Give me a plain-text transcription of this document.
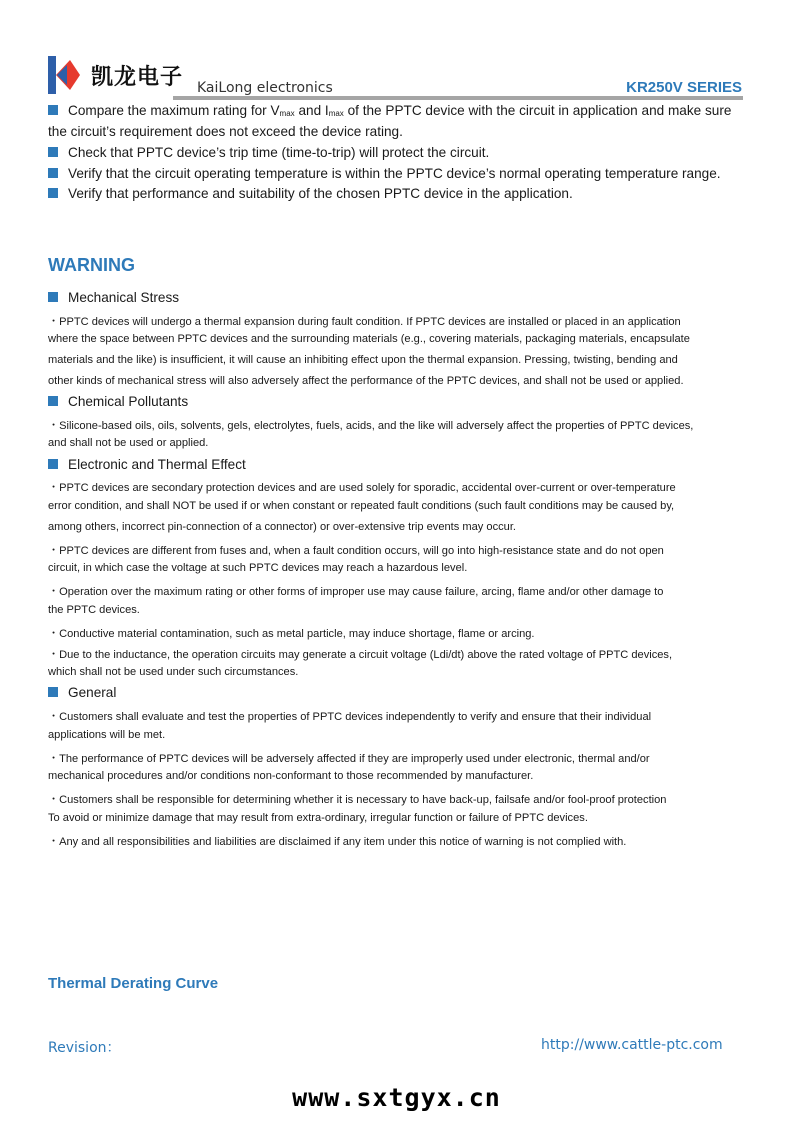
凯龙电子 KaiLong electronics	KR250V SERIES
Compare the maximum rating for $V_{max}$ and $I_{max}$ of the PPTC device with the circuit in application and make sure
the circuit’s requirement does not exceed the device rating.
Check that PPTC device’s trip time (time-to-trip) will protect the circuit.
Verify that the circuit operating temperature is within the PPTC device’s normal operating temperature range.
Verify that performance and suitability of the chosen PPTC device in the application.
WARNING
Mechanical Stress
・PPTC devices will undergo a thermal expansion during fault condition. If PPTC devices are installed or placed in an application
where the space between PPTC devices and the surrounding materials (e.g., covering materials, packaging materials, encapsulate
materials and the like) is insufficient, it will cause an inhibiting effect upon the thermal expansion. Pressing, twisting, bending and
other kinds of mechanical stress will also adversely affect the performance of the PPTC devices, and shall not be used or applied.
Chemical Pollutants
・Silicone-based oils, oils, solvents, gels, electrolytes, fuels, acids, and the like will adversely affect the properties of PPTC devices,
and shall not be used or applied.
Electronic and Thermal Effect
・PPTC devices are secondary protection devices and are used solely for sporadic, accidental over-current or over-temperature
error condition, and shall NOT be used if or when constant or repeated fault conditions (such fault conditions may be caused by,
among others, incorrect pin-connection of a connector) or over-extensive trip events may occur.
・PPTC devices are different from fuses and, when a fault condition occurs, will go into high-resistance state and do not open
circuit, in which case the voltage at such PPTC devices may reach a hazardous level.
・Operation over the maximum rating or other forms of improper use may cause failure, arcing, flame and/or other damage to
the PPTC devices.
・Conductive material contamination, such as metal particle, may induce shortage, flame or arcing.
・Due to the inductance, the operation circuits may generate a circuit voltage (Ldi/dt) above the rated voltage of PPTC devices,
which shall not be used under such circumstances.
General
・Customers shall evaluate and test the properties of PPTC devices independently to verify and ensure that their individual
applications will be met.
・The performance of PPTC devices will be adversely affected if they are improperly used under electronic, thermal and/or
mechanical procedures and/or conditions non-conformant to those recommended by manufacturer.
・Customers shall be responsible for determining whether it is necessary to have back-up, failsafe and/or fool-proof protection
To avoid or minimize damage that may result from extra-ordinary, irregular function or failure of PPTC devices.
・Any and all responsibilities and liabilities are disclaimed if any item under this notice of warning is not complied with.
Thermal Derating Curve
Revision：	http://www.cattle-ptc.com
www.sxtgyx.cn
